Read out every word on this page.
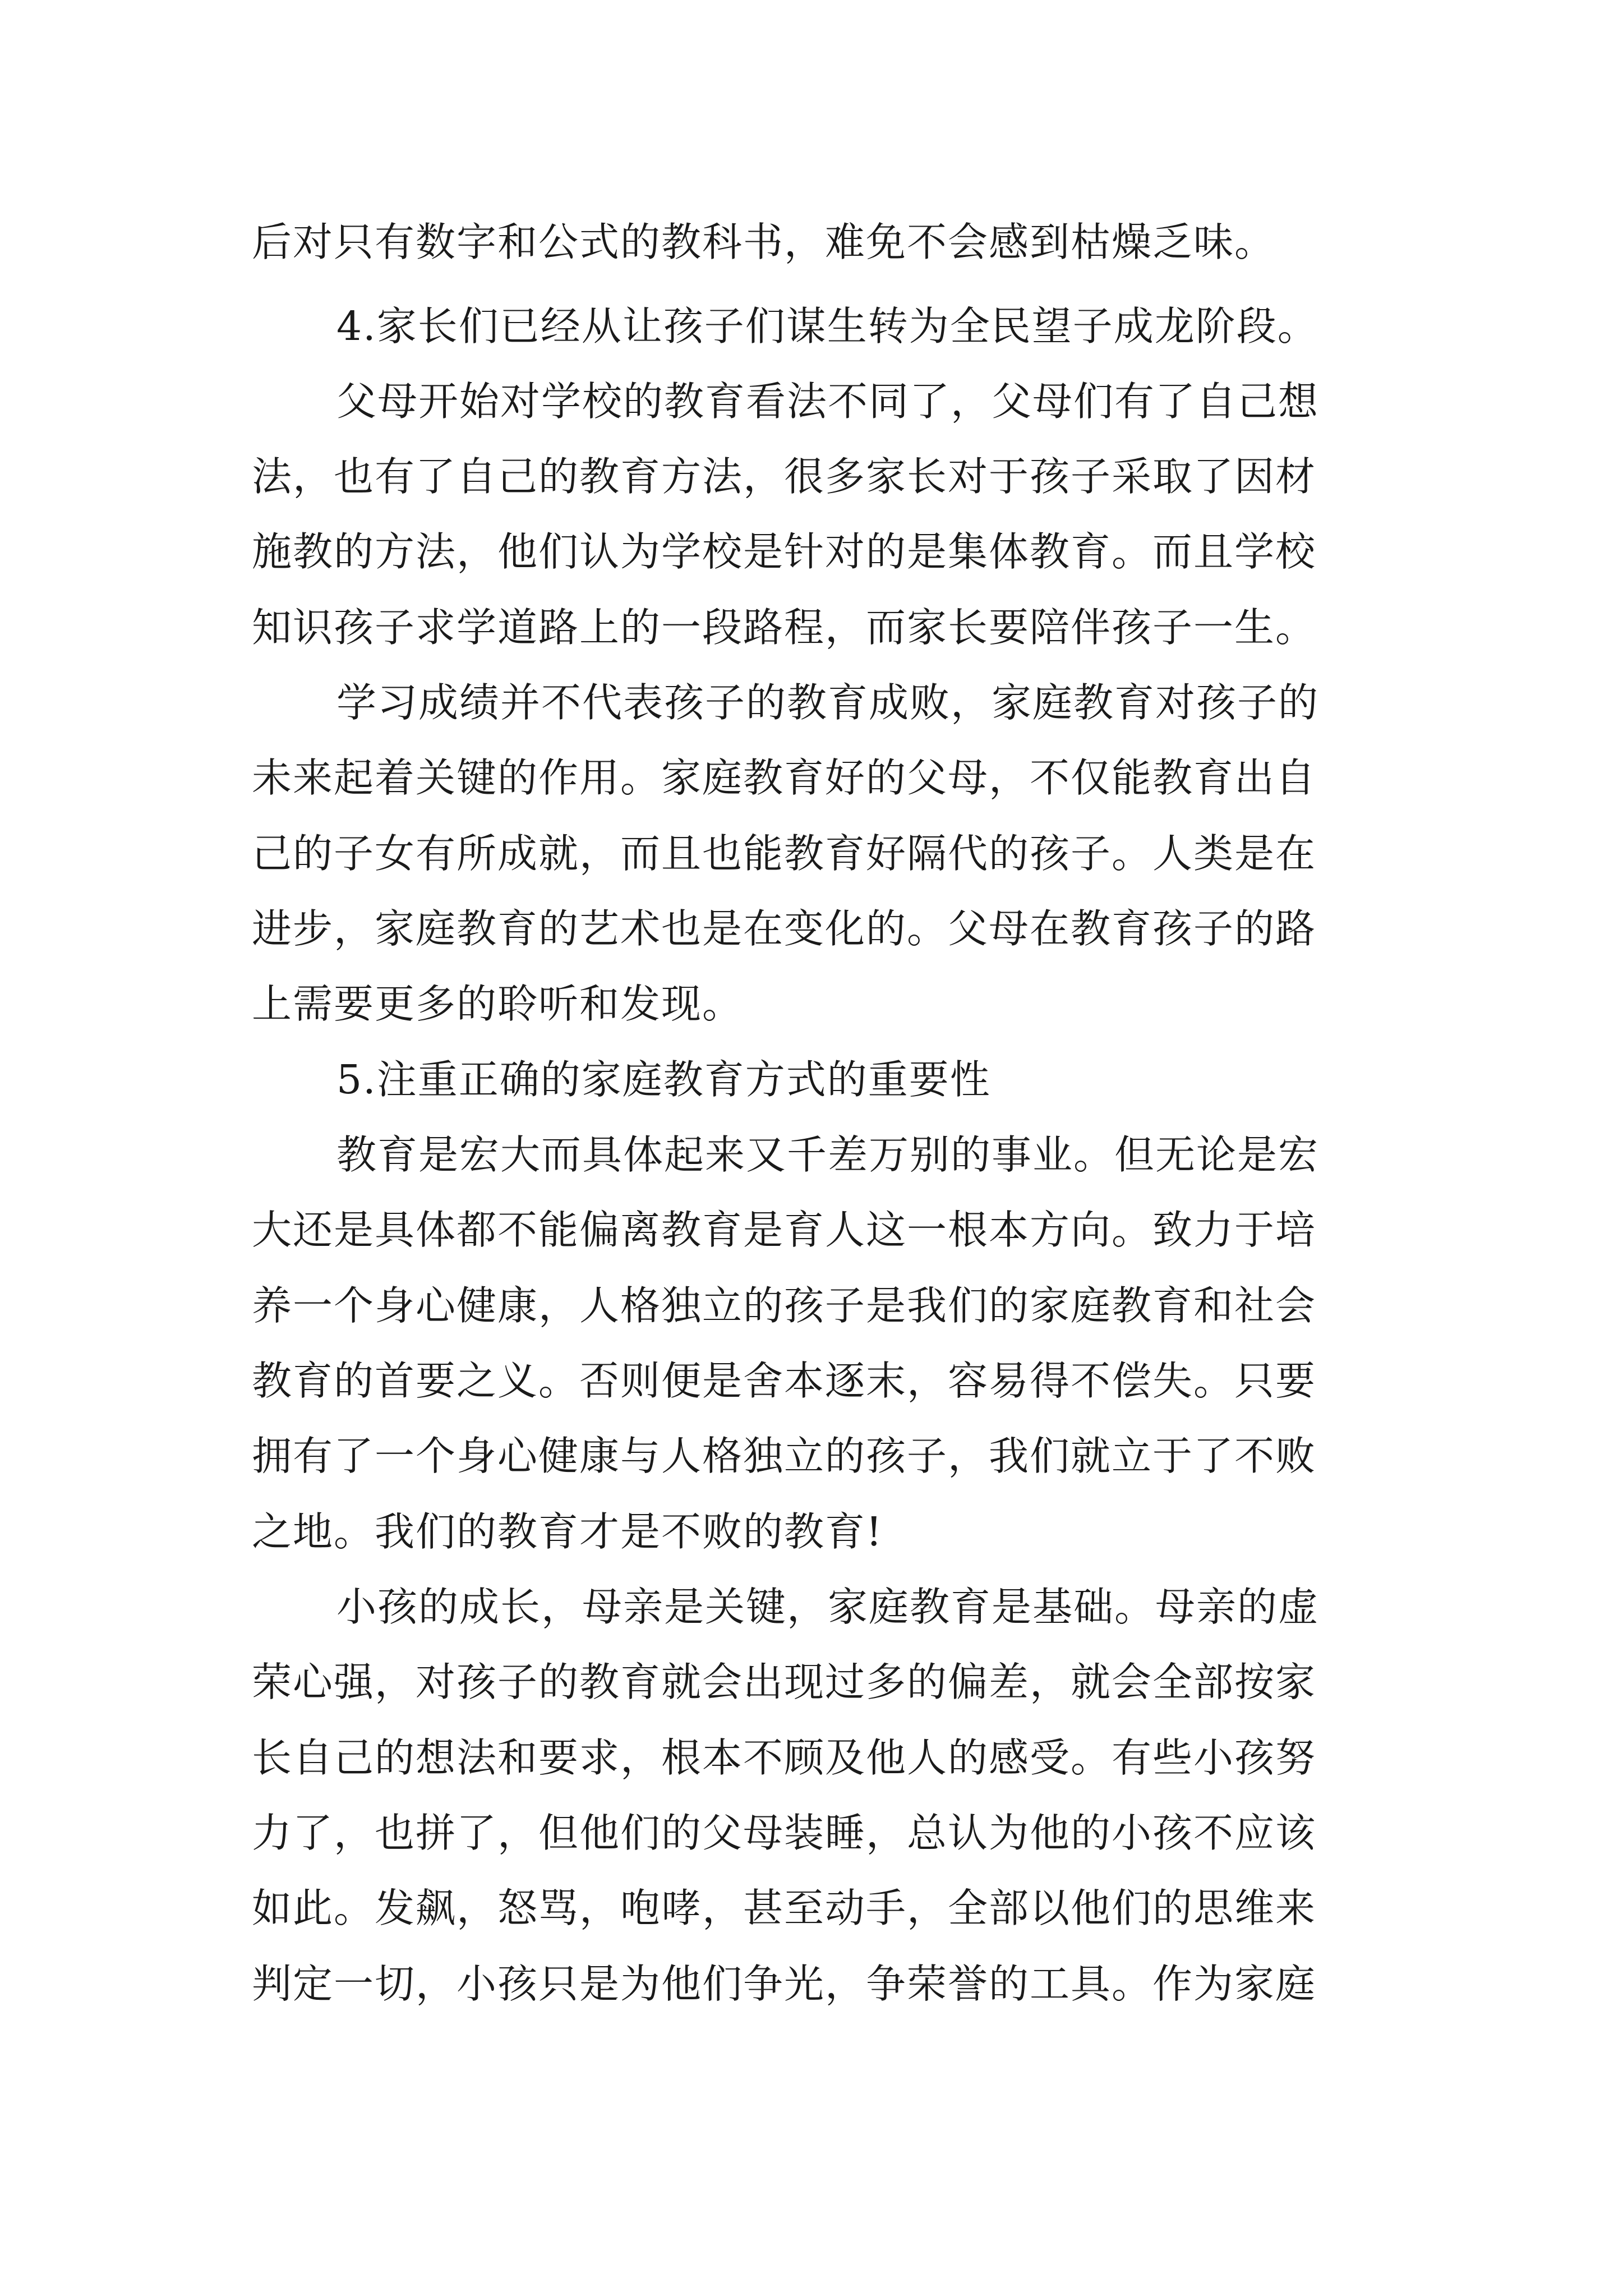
后对只有数字和公式的教科书，难免不会感到枯燥乏味。

4.家长们已经从让孩子们谋生转为全民望子成龙阶段。

父母开始对学校的教育看法不同了，父母们有了自己想

法，也有了自己的教育方法，很多家长对于孩子采取了因材

施教的方法，他们认为学校是针对的是集体教育。而且学校

知识孩子求学道路上的一段路程，而家长要陪伴孩子一生。

学习成绩并不代表孩子的教育成败，家庭教育对孩子的

未来起着关键的作用。家庭教育好的父母，不仅能教育出自

己的子女有所成就，而且也能教育好隔代的孩子。人类是在

进步，家庭教育的艺术也是在变化的。父母在教育孩子的路

上需要更多的聆听和发现。

5.注重正确的家庭教育方式的重要性

教育是宏大而具体起来又千差万别的事业。但无论是宏

大还是具体都不能偏离教育是育人这一根本方向。致力于培

养一个身心健康，人格独立的孩子是我们的家庭教育和社会

教育的首要之义。否则便是舍本逐末，容易得不偿失。只要

拥有了一个身心健康与人格独立的孩子，我们就立于了不败

之地。我们的教育才是不败的教育!

小孩的成长，母亲是关键，家庭教育是基础。母亲的虚

荣心强，对孩子的教育就会出现过多的偏差，就会全部按家

长自己的想法和要求，根本不顾及他人的感受。有些小孩努

力了，也拼了，但他们的父母装睡，总认为他的小孩不应该

如此。发飙，怒骂，咆哮，甚至动手，全部以他们的思维来

判定一切，小孩只是为他们争光，争荣誉的工具。作为家庭
